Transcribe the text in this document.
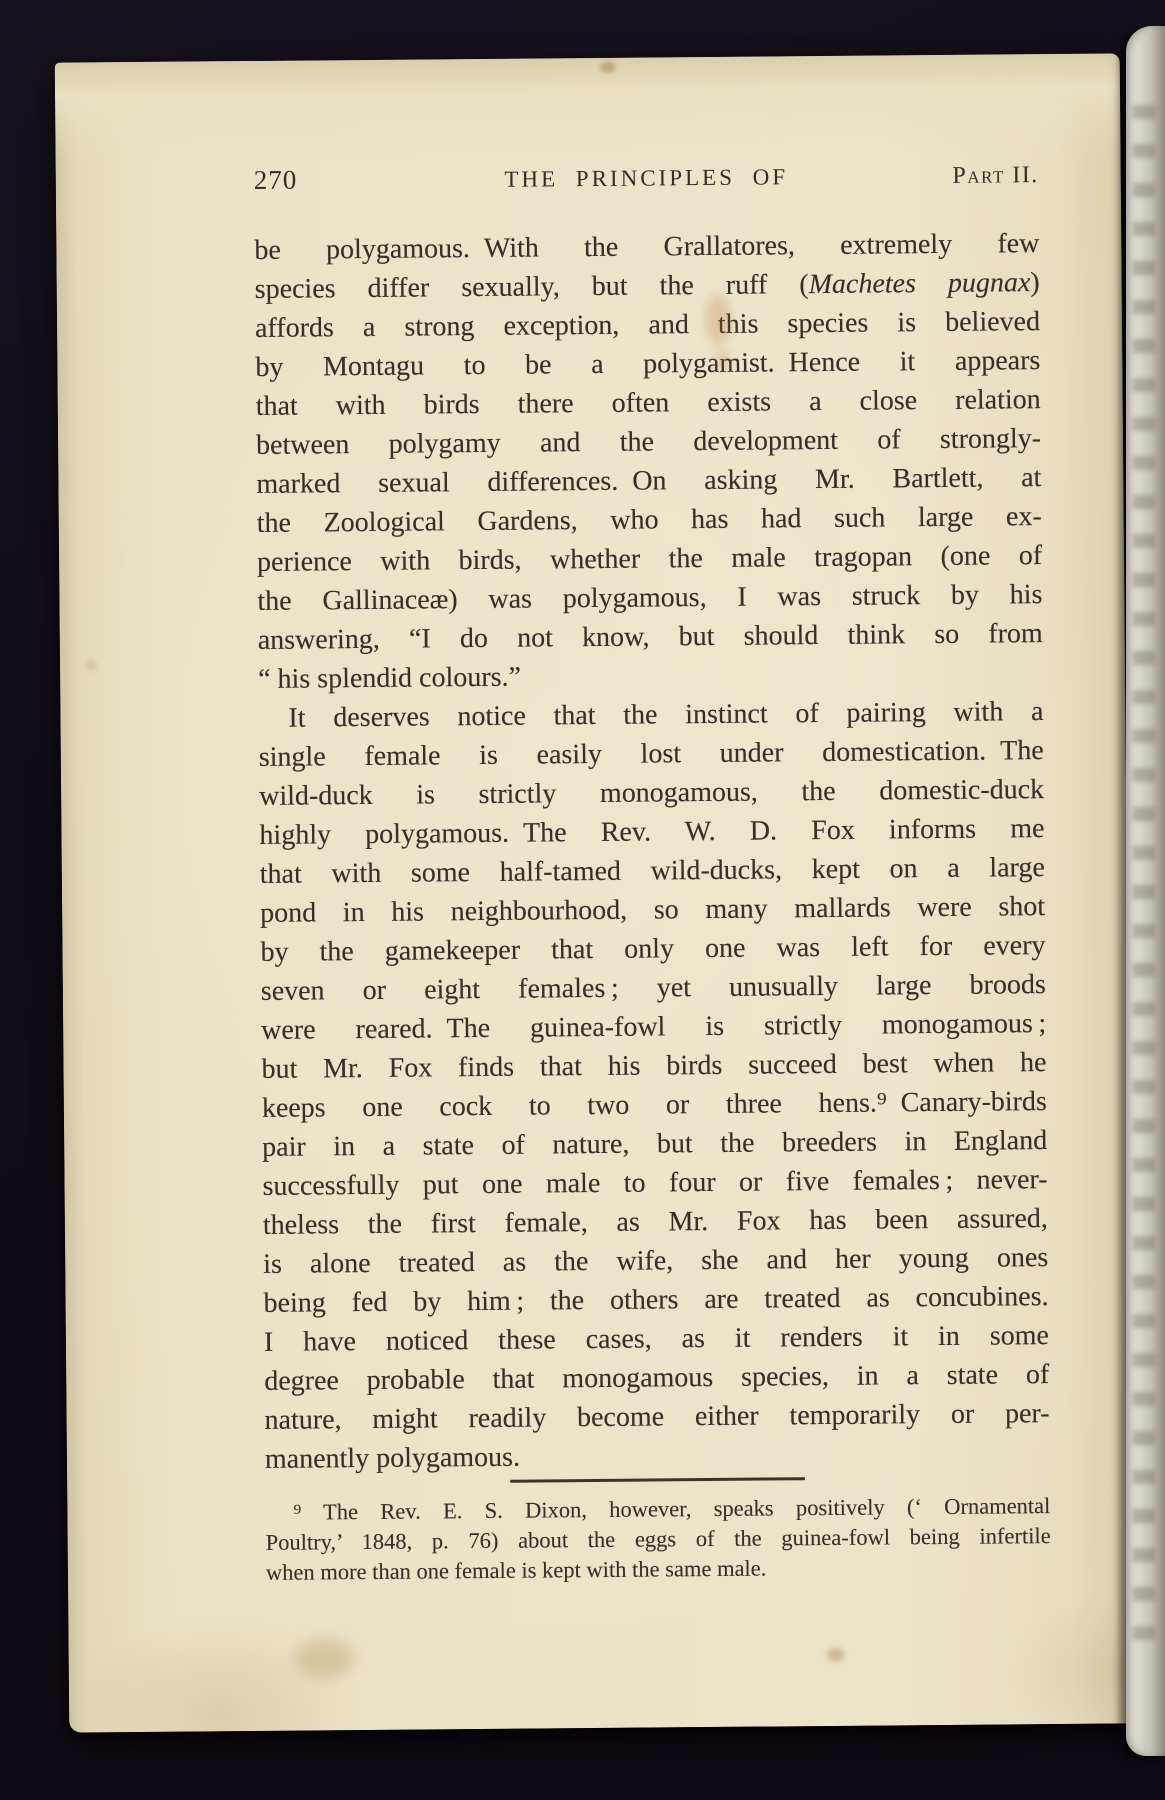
270	THE PRINCIPLES OF	Part II.
be polygamous. With the Grallatores, extremely few
species differ sexually, but the ruff (Machetes pugnax)
affords a strong exception, and this species is believed
by Montagu to be a polygamist. Hence it appears
that with birds there often exists a close relation
between polygamy and the development of strongly-
marked sexual differences. On asking Mr. Bartlett, at
the Zoological Gardens, who has had such large ex-
perience with birds, whether the male tragopan (one of
the Gallinaceæ) was polygamous, I was struck by his
answering, “I do not know, but should think so from
“ his splendid colours.”
It deserves notice that the instinct of pairing with a
single female is easily lost under domestication. The
wild-duck is strictly monogamous, the domestic-duck
highly polygamous. The Rev. W. D. Fox informs me
that with some half-tamed wild-ducks, kept on a large
pond in his neighbourhood, so many mallards were shot
by the gamekeeper that only one was left for every
seven or eight females ; yet unusually large broods
were reared. The guinea-fowl is strictly monogamous ;
but Mr. Fox finds that his birds succeed best when he
keeps one cock to two or three hens.⁹ Canary-birds
pair in a state of nature, but the breeders in England
successfully put one male to four or five females ; never-
theless the first female, as Mr. Fox has been assured,
is alone treated as the wife, she and her young ones
being fed by him ; the others are treated as concubines.
I have noticed these cases, as it renders it in some
degree probable that monogamous species, in a state of
nature, might readily become either temporarily or per-
manently polygamous.
⁹ The Rev. E. S. Dixon, however, speaks positively (‘ Ornamental
Poultry,’ 1848, p. 76) about the eggs of the guinea-fowl being infertile
when more than one female is kept with the same male.
